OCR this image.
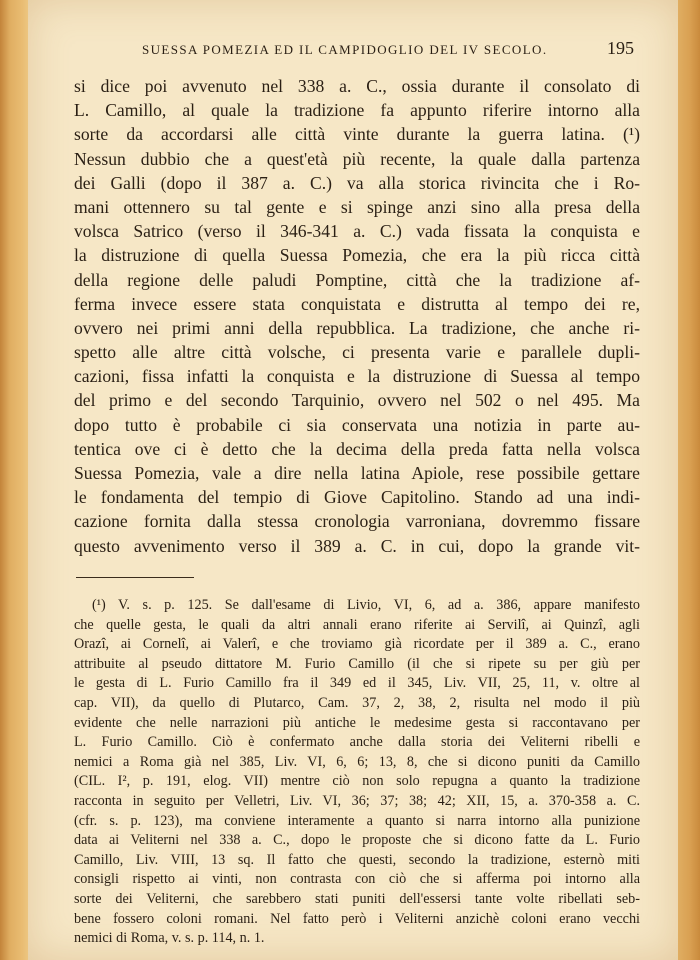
SUESSA POMEZIA ED IL CAMPIDOGLIO DEL IV SECOLO.	195
si dice poi avvenuto nel 338 a. C., ossia durante il consolato di
L. Camillo, al quale la tradizione fa appunto riferire intorno alla
sorte da accordarsi alle città vinte durante la guerra latina. (¹)
Nessun dubbio che a quest'età più recente, la quale dalla partenza
dei Galli (dopo il 387 a. C.) va alla storica rivincita che i Ro-
mani ottennero su tal gente e si spinge anzi sino alla presa della
volsca Satrico (verso il 346-341 a. C.) vada fissata la conquista e
la distruzione di quella Suessa Pomezia, che era la più ricca città
della regione delle paludi Pomptine, città che la tradizione af-
ferma invece essere stata conquistata e distrutta al tempo dei re,
ovvero nei primi anni della repubblica. La tradizione, che anche ri-
spetto alle altre città volsche, ci presenta varie e parallele dupli-
cazioni, fissa infatti la conquista e la distruzione di Suessa al tempo
del primo e del secondo Tarquinio, ovvero nel 502 o nel 495. Ma
dopo tutto è probabile ci sia conservata una notizia in parte au-
tentica ove ci è detto che la decima della preda fatta nella volsca
Suessa Pomezia, vale a dire nella latina Apiole, rese possibile gettare
le fondamenta del tempio di Giove Capitolino. Stando ad una indi-
cazione fornita dalla stessa cronologia varroniana, dovremmo fissare
questo avvenimento verso il 389 a. C. in cui, dopo la grande vit-
(¹) V. s. p. 125. Se dall'esame di Livio, VI, 6, ad a. 386, appare manifesto
che quelle gesta, le quali da altri annali erano riferite ai Servilî, ai Quinzî, agli
Orazî, ai Cornelî, ai Valerî, e che troviamo già ricordate per il 389 a. C., erano
attribuite al pseudo dittatore M. Furio Camillo (il che si ripete su per giù per
le gesta di L. Furio Camillo fra il 349 ed il 345, Liv. VII, 25, 11, v. oltre al
cap. VII), da quello di Plutarco, Cam. 37, 2, 38, 2, risulta nel modo il più
evidente che nelle narrazioni più antiche le medesime gesta si raccontavano per
L. Furio Camillo. Ciò è confermato anche dalla storia dei Veliterni ribelli e
nemici a Roma già nel 385, Liv. VI, 6, 6; 13, 8, che si dicono puniti da Camillo
(CIL. I², p. 191, elog. VII) mentre ciò non solo repugna a quanto la tradizione
racconta in seguito per Velletri, Liv. VI, 36; 37; 38; 42; XII, 15, a. 370-358 a. C.
(cfr. s. p. 123), ma conviene interamente a quanto si narra intorno alla punizione
data ai Veliterni nel 338 a. C., dopo le proposte che si dicono fatte da L. Furio
Camillo, Liv. VIII, 13 sq. Il fatto che questi, secondo la tradizione, esternò miti
consigli rispetto ai vinti, non contrasta con ciò che si afferma poi intorno alla
sorte dei Veliterni, che sarebbero stati puniti dell'essersi tante volte ribellati seb-
bene fossero coloni romani. Nel fatto però i Veliterni anzichè coloni erano vecchi
nemici di Roma, v. s. p. 114, n. 1.
